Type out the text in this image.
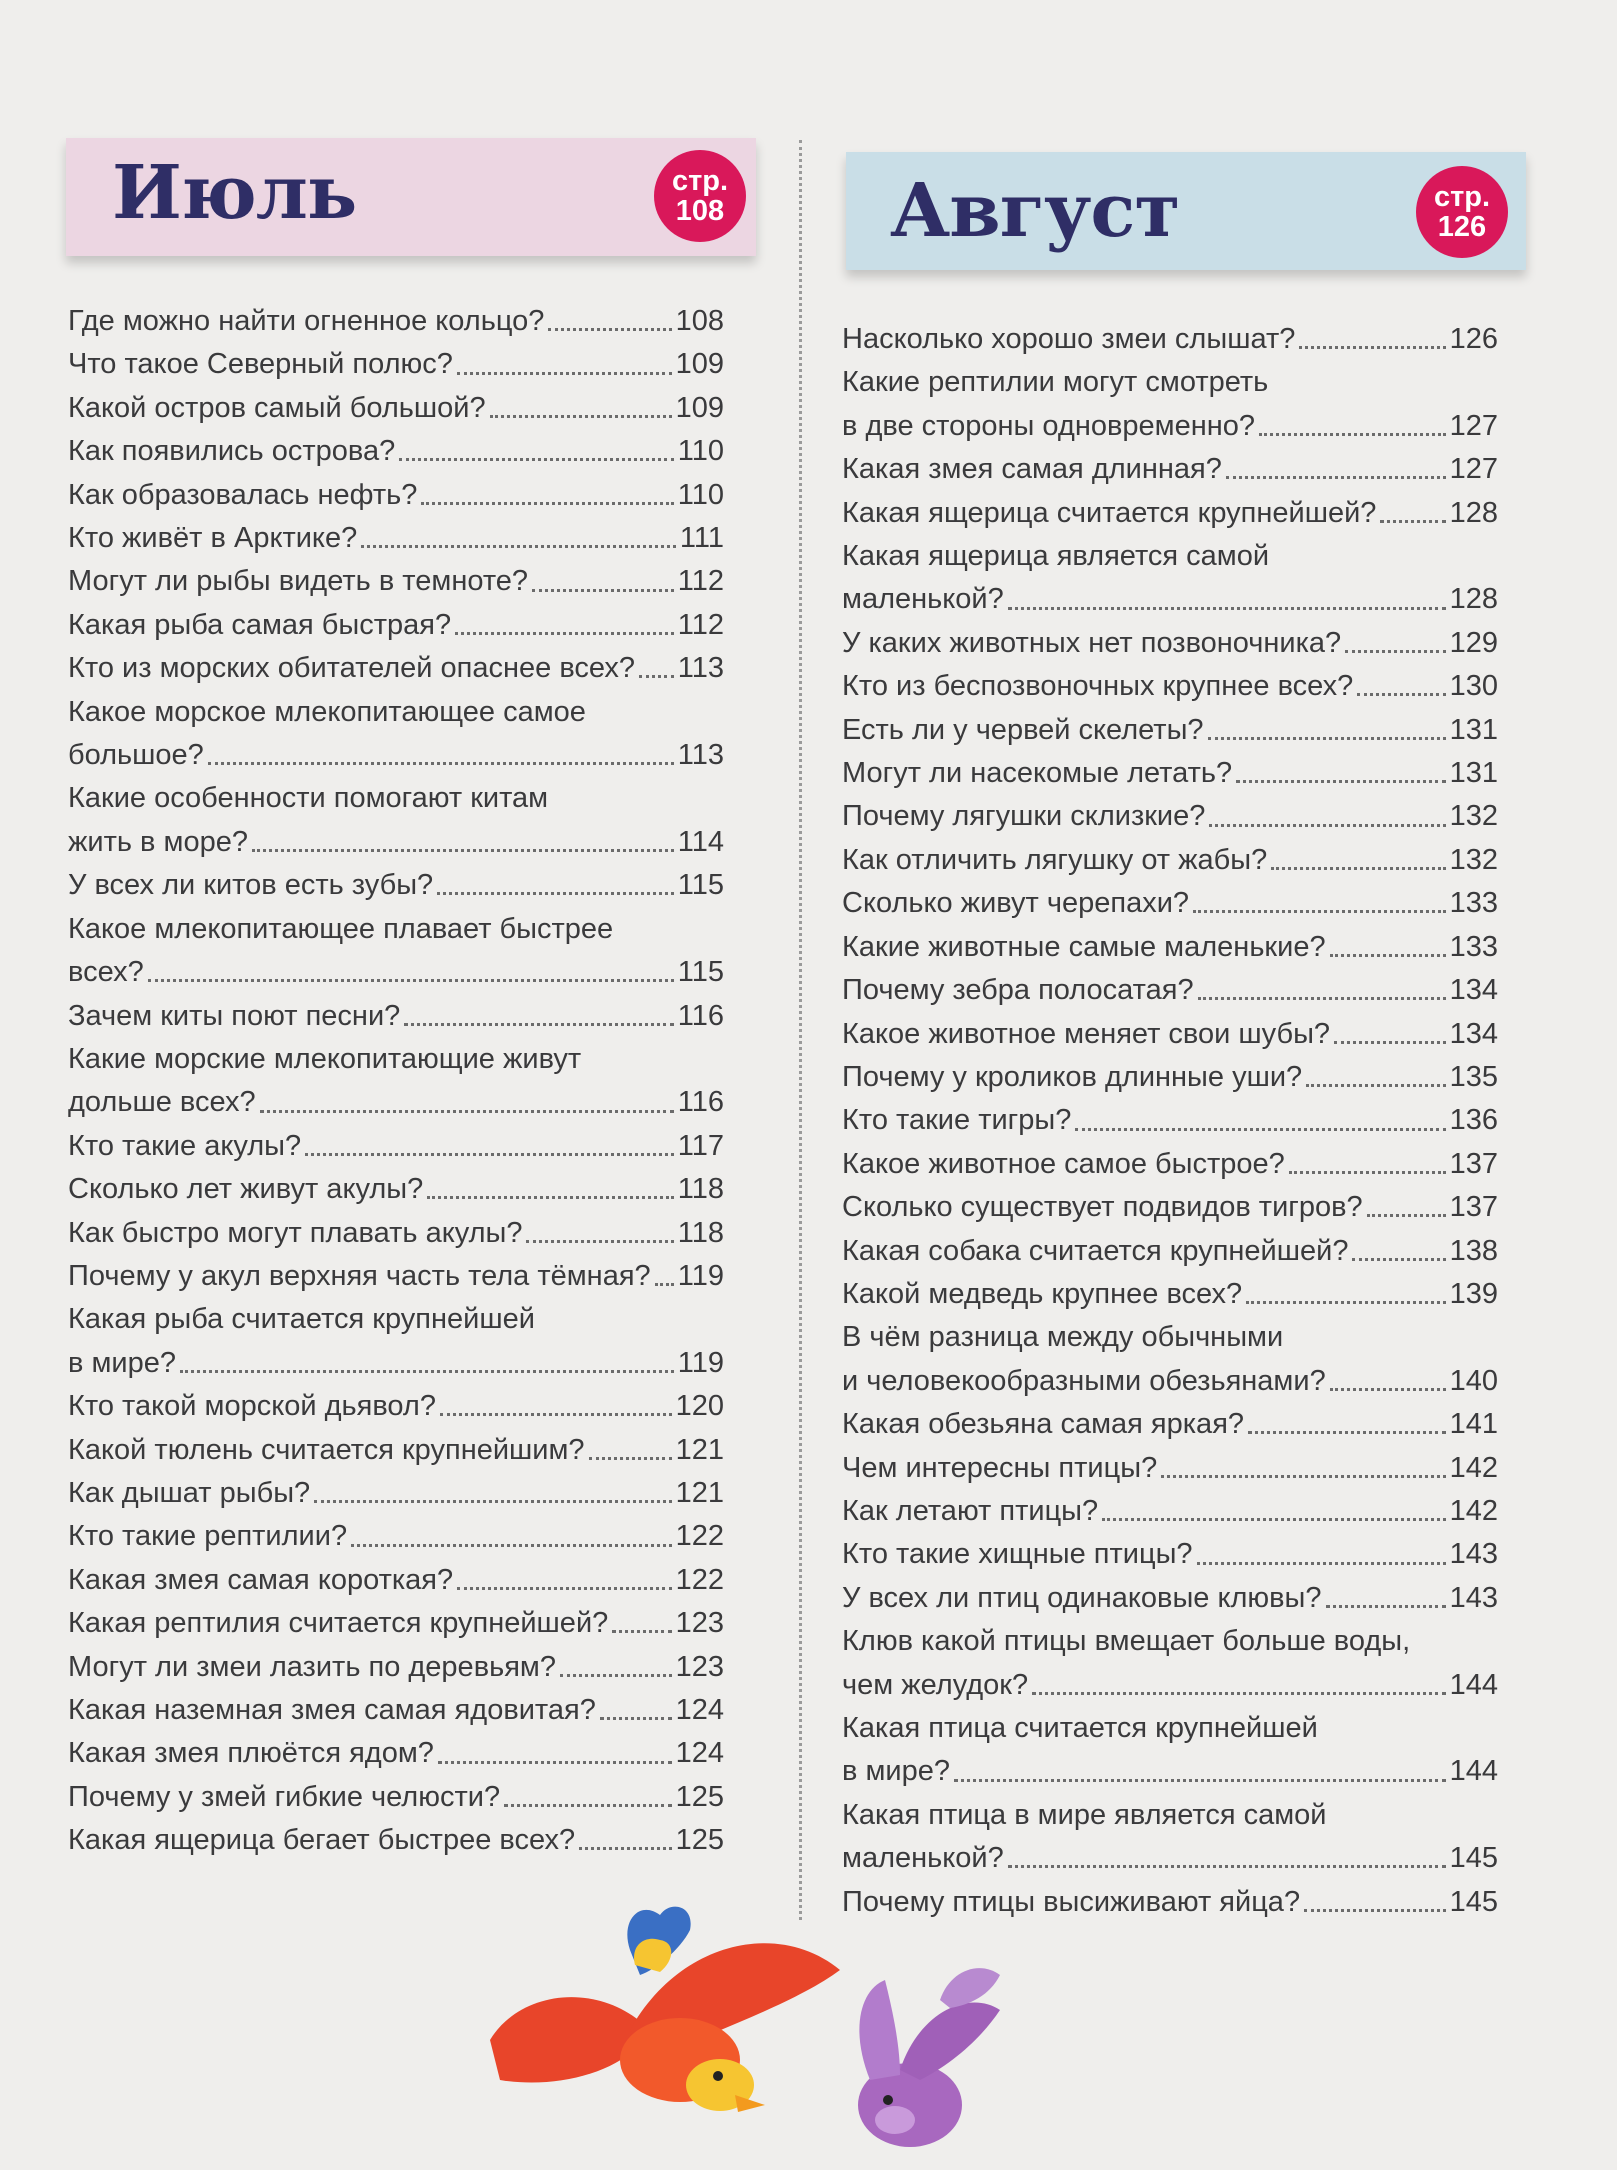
Июль	стр.
108 Август	стр.
126
Где можно найти огненное кольцо?	108
Что такое Северный полюс?	109
Какой остров самый большой?	109
Как появились острова?	110
Как образовалась нефть?	110
Кто живёт в Арктике?	111
Могут ли рыбы видеть в темноте?	112
Какая рыба самая быстрая?	112
Кто из морских обитателей опаснее всех? 113
Какое морское млекопитающее самое
большое?	113
Какие особенности помогают китам
жить в море?	114
У всех ли китов есть зубы?	115
Какое млекопитающее плавает быстрее
всех?	115
Зачем киты поют песни?	116
Какие морские млекопитающие живут
дольше всех?	116
Кто такие акулы?	117
Сколько лет живут акулы?	118
Как быстро могут плавать акулы?	118
Почему у акул верхняя часть тела тёмная? 119
Какая рыба считается крупнейшей
в мире?	119
Кто такой морской дьявол?	120
Какой тюлень считается крупнейшим?	121
Как дышат рыбы?	121
Кто такие рептилии?	122
Какая змея самая короткая?	122
Какая рептилия считается крупнейшей? 123
Могут ли змеи лазить по деревьям?	123
Какая наземная змея самая ядовитая?	124
Какая змея плюётся ядом?	124
Почему у змей гибкие челюсти?	125
Какая ящерица бегает быстрее всех?	125
Насколько хорошо змеи слышат?	126
Какие рептилии могут смотреть
в две стороны одновременно?	127
Какая змея самая длинная?	127
Какая ящерица считается крупнейшей?	128
Какая ящерица является самой
маленькой?	128
У каких животных нет позвоночника?	129
Кто из беспозвоночных крупнее всех?	130
Есть ли у червей скелеты?	131
Могут ли насекомые летать?	131
Почему лягушки склизкие?	132
Как отличить лягушку от жабы?	132
Сколько живут черепахи?	133
Какие животные самые маленькие?	133
Почему зебра полосатая?	134
Какое животное меняет свои шубы?	134
Почему у кроликов длинные уши?	135
Кто такие тигры?	136
Какое животное самое быстрое?	137
Сколько существует подвидов тигров?	137
Какая собака считается крупнейшей?	138
Какой медведь крупнее всех?	139
В чём разница между обычными
и человекообразными обезьянами?	140
Какая обезьяна самая яркая?	141
Чем интересны птицы?	142
Как летают птицы?	142
Кто такие хищные птицы?	143
У всех ли птиц одинаковые клювы?	143
Клюв какой птицы вмещает больше воды,
чем желудок?	144
Какая птица считается крупнейшей
в мире?	144
Какая птица в мире является самой
маленькой?	145
Почему птицы высиживают яйца?	145
